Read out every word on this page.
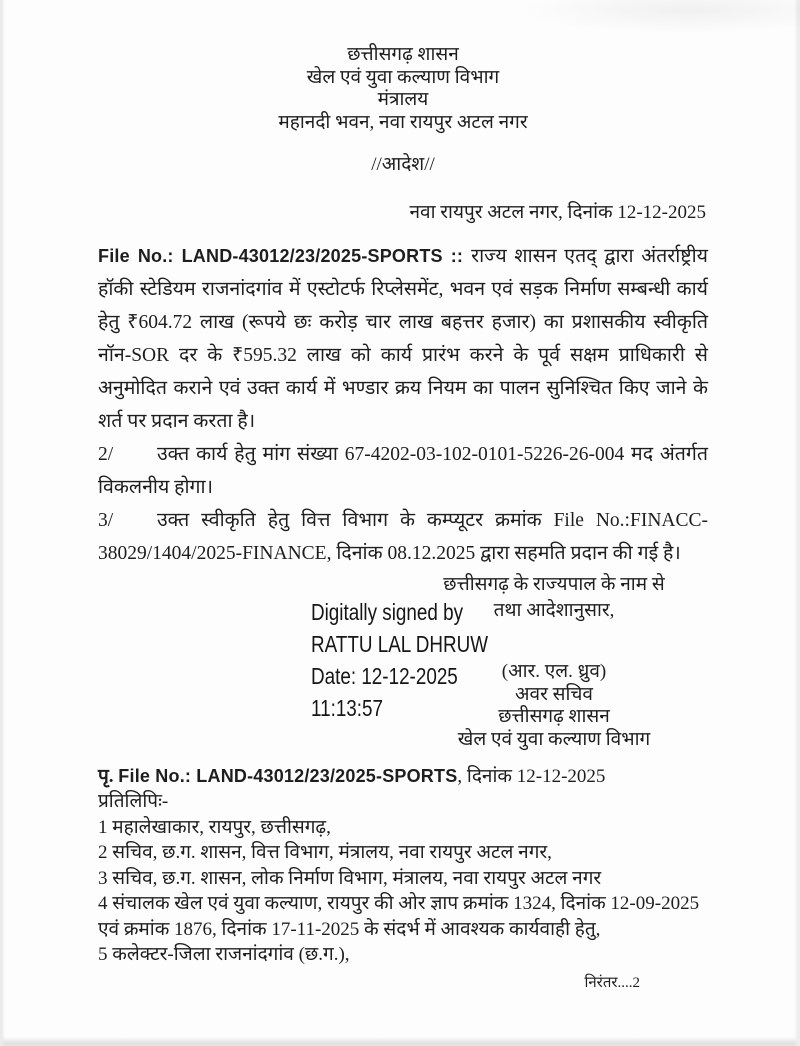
छत्तीसगढ़ शासन
खेल एवं युवा कल्याण विभाग
मंत्रालय
महानदी भवन, नवा रायपुर अटल नगर
//आदेश//
नवा रायपुर अटल नगर, दिनांक 12-12-2025

File No.: LAND-43012/23/2025-SPORTS :: राज्य शासन एतद् द्वारा अंतर्राष्ट्रीय हॉकी स्टेडियम राजनांदगांव में एस्टोटर्फ रिप्लेसमेंट, भवन एवं सड़क निर्माण सम्बन्धी कार्य हेतु ₹604.72 लाख (रूपये छः करोड़ चार लाख बहत्तर हजार) का प्रशासकीय स्वीकृति नॉन-SOR दर के ₹595.32 लाख को कार्य प्रारंभ करने के पूर्व सक्षम प्राधिकारी से अनुमोदित कराने एवं उक्त कार्य में भण्डार क्रय नियम का पालन सुनिश्चित किए जाने के शर्त पर प्रदान करता है।

2/ उक्त कार्य हेतु मांग संख्या 67-4202-03-102-0101-5226-26-004 मद अंतर्गत विकलनीय होगा।

3/ उक्त स्वीकृति हेतु वित्त विभाग के कम्प्यूटर क्रमांक File No.:FINACC-38029/1404/2025-FINANCE, दिनांक 08.12.2025 द्वारा सहमति प्रदान की गई है।

Digitally signed by
RATTU LAL DHRUW
Date: 12-12-2025
11:13:57
छत्तीसगढ़ के राज्यपाल के नाम से
तथा आदेशानुसार,
(आर. एल. ध्रुव)
अवर सचिव
छत्तीसगढ़ शासन
खेल एवं युवा कल्याण विभाग
पृ. File No.: LAND-43012/23/2025-SPORTS, दिनांक 12-12-2025
प्रतिलिपिः-
1 महालेखाकार, रायपुर, छत्तीसगढ़,
2 सचिव, छ.ग. शासन, वित्त विभाग, मंत्रालय, नवा रायपुर अटल नगर,
3 सचिव, छ.ग. शासन, लोक निर्माण विभाग, मंत्रालय, नवा रायपुर अटल नगर
4 संचालक खेल एवं युवा कल्याण, रायपुर की ओर ज्ञाप क्रमांक 1324, दिनांक 12-09-2025 एवं क्रमांक 1876, दिनांक 17-11-2025 के संदर्भ में आवश्यक कार्यवाही हेतु,
5 कलेक्टर-जिला राजनांदगांव (छ.ग.),
निरंतर....2
